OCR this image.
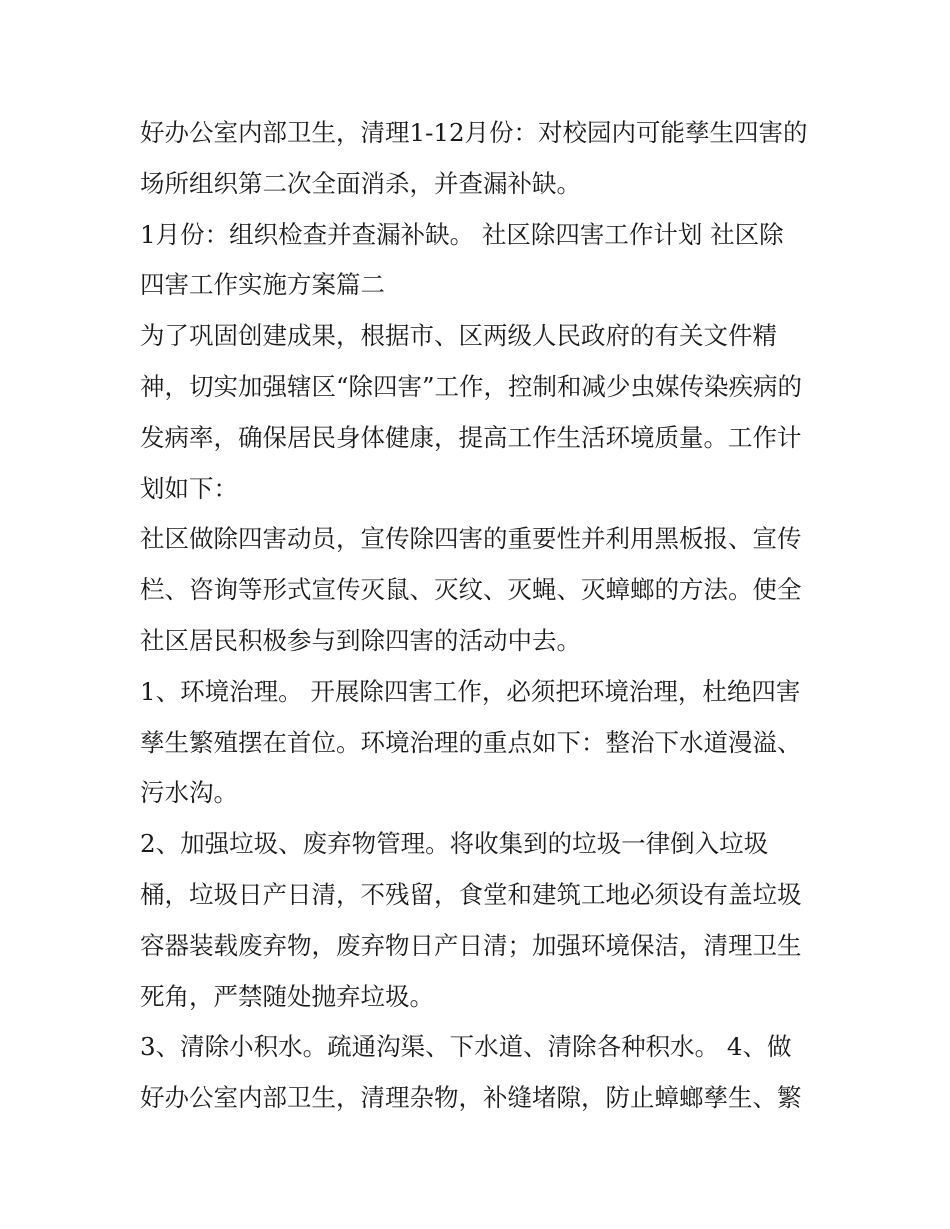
好办公室内部卫生，清理1-12月份：对校园内可能孳生四害的
场所组织第二次全面消杀，并查漏补缺。
1月份：组织检查并查漏补缺。 社区除四害工作计划 社区除
四害工作实施方案篇二
为了巩固创建成果，根据市、区两级人民政府的有关文件精
神，切实加强辖区“除四害”工作，控制和减少虫媒传染疾病的
发病率，确保居民身体健康，提高工作生活环境质量。工作计
划如下：
社区做除四害动员，宣传除四害的重要性并利用黑板报、宣传
栏、咨询等形式宣传灭鼠、灭纹、灭蝇、灭蟑螂的方法。使全
社区居民积极参与到除四害的活动中去。
1、环境治理。 开展除四害工作，必须把环境治理，杜绝四害
孳生繁殖摆在首位。环境治理的重点如下：整治下水道漫溢、
污水沟。
2、加强垃圾、废弃物管理。将收集到的垃圾一律倒入垃圾
桶，垃圾日产日清，不残留，食堂和建筑工地必须设有盖垃圾
容器装载废弃物，废弃物日产日清；加强环境保洁，清理卫生
死角，严禁随处抛弃垃圾。
3、清除小积水。疏通沟渠、下水道、清除各种积水。 4、做
好办公室内部卫生，清理杂物，补缝堵隙，防止蟑螂孳生、繁
